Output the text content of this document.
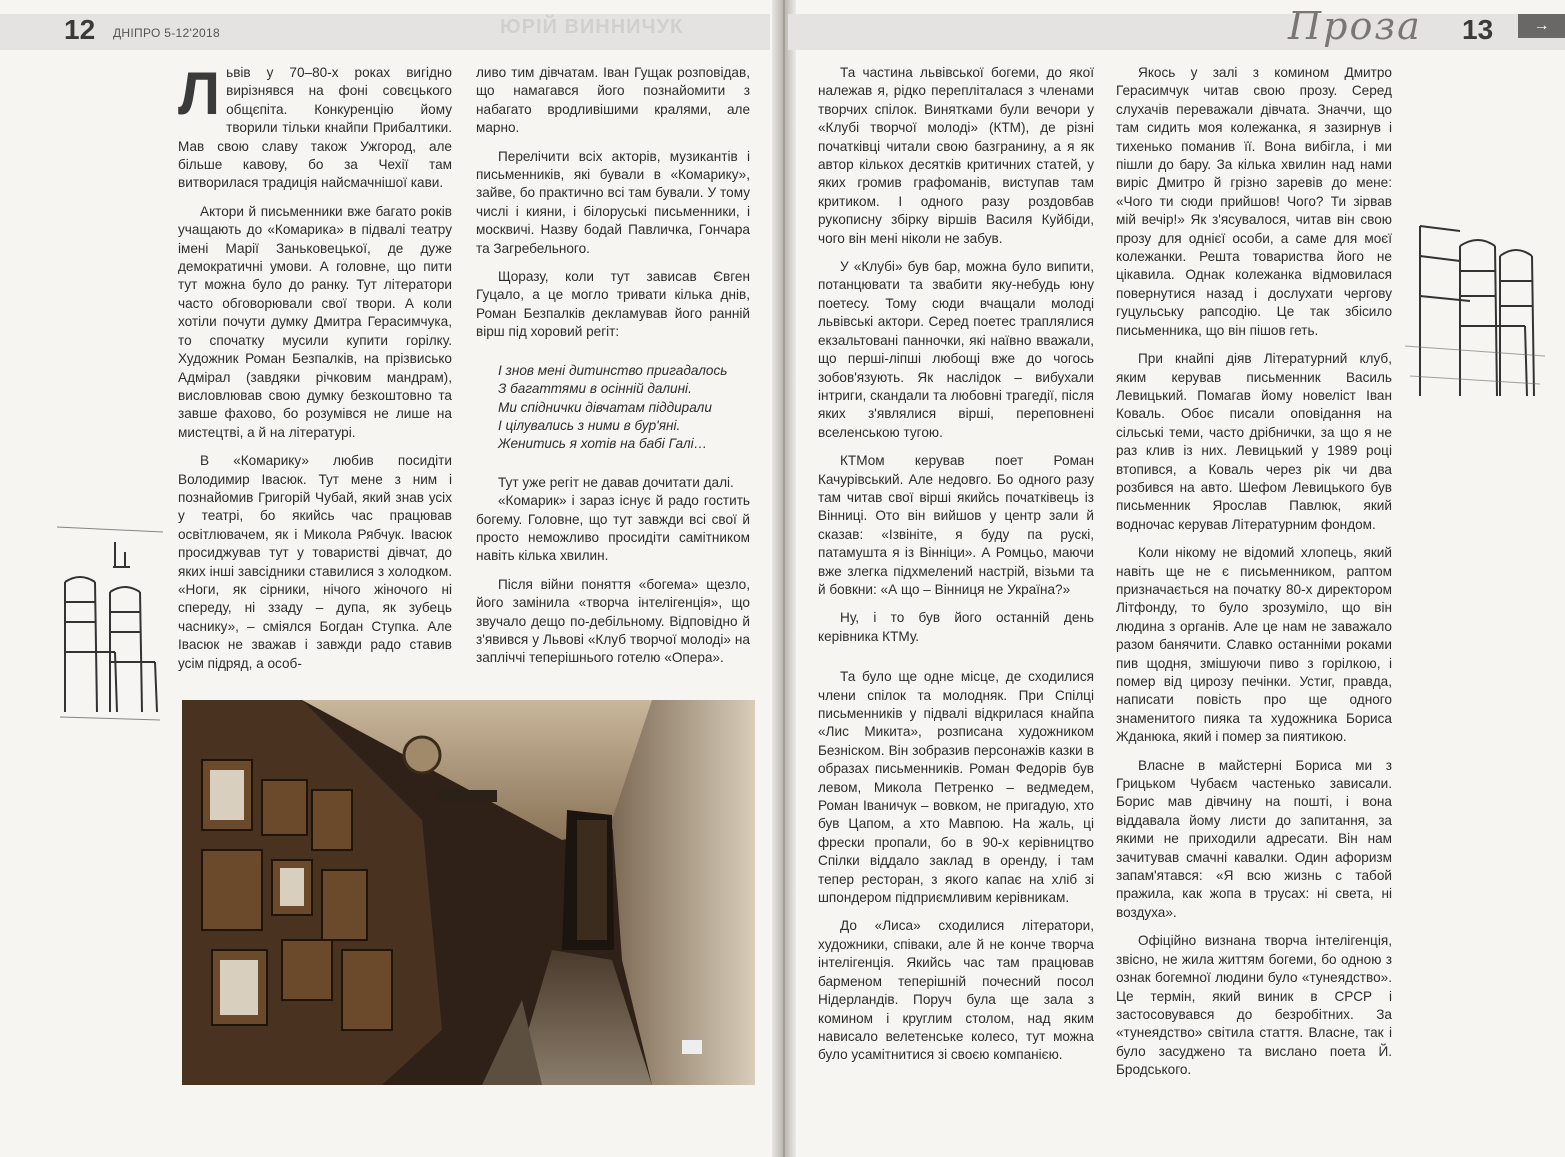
12 ДНІПРО 5-12'2018	ЮРІЙ ВИННИЧУК	Проза 13	→

Львів у 70–80-х роках вигідно вирізнявся на фоні совєцького общєпіта. Конкуренцію йому творили тільки кнайпи Прибалтики. Мав свою славу також Ужгород, але більше кавову, бо за Чехії там витворилася традиція найсмачнішої кави.

Актори й письменники вже багато років учащають до «Комарика» в підвалі театру імені Марії Заньковецької, де дуже демократичні умови. А головне, що пити тут можна було до ранку. Тут літератори часто обговорювали свої твори. А коли хотіли почути думку Дмитра Герасимчука, то спочатку мусили купити горілку. Художник Роман Безпалків, на прізвисько Адмірал (завдяки річковим мандрам), висловлював свою думку безкоштовно та завше фахово, бо розумівся не лише на мистецтві, а й на літературі.

В «Комарику» любив посидіти Володимир Івасюк. Тут мене з ним і познайомив Григорій Чубай, який знав усіх у театрі, бо якийсь час працював освітлювачем, як і Микола Рябчук. Івасюк просиджував тут у товаристві дівчат, до яких інші завсідники ставилися з холодком. «Ноги, як сірники, нічого жіночого ні спереду, ні ззаду – дупа, як зубець часнику», – сміялся Богдан Ступка. Але Івасюк не зважав і завжди радо ставив усім підряд, а особ-

ливо тим дівчатам. Іван Гущак розповідав, що намагався його познайомити з набагато вродливішими кралями, але марно.

Перелічити всіх акторів, музикантів і письменників, які бували в «Комарику», зайве, бо практично всі там бували. У тому числі і кияни, і білоруські письменники, і москвичі. Назву бодай Павличка, Гончара та Загребельного.

Щоразу, коли тут зависав Євген Гуцало, а це могло тривати кілька днів, Роман Безпалків декламував його ранній вірш під хоровий регіт:

І знов мені дитинство пригадалось
З багаттями в осінній далині.
Ми спіднички дівчатам піддирали
І цілувались з ними в бур'яні.
Женитись я хотів на бабі Галі…

Тут уже регіт не давав дочитати далі.

«Комарик» і зараз існує й радо гостить богему. Головне, що тут завжди всі свої й просто неможливо просидіти самітником навіть кілька хвилин.

Після війни поняття «богема» щезло, його замінила «творча інтелігенція», що звучало дещо по-дебільному. Відповідно й з'явився у Львові «Клуб творчої молоді» на запліччі теперішнього готелю «Опера».

Та частина львівської богеми, до якої належав я, рідко перепліталася з членами творчих спілок. Винятками були вечори у «Клубі творчої молоді» (КТМ), де різні початківці читали свою базгранину, а я як автор кількох десятків критичних статей, у яких громив графоманів, виступав там критиком. І одного разу роздовбав рукописну збірку віршів Василя Куйбіди, чого він мені ніколи не забув.

У «Клубі» був бар, можна було випити, потанцювати та звабити яку-небудь юну поетесу. Тому сюди вчащали молоді львівські актори. Серед поетес траплялися екзальтовані панночки, які наївно вважали, що перші-ліпші любощі вже до чогось зобов'язують. Як наслідок – вибухали інтриги, скандали та любовні трагедії, після яких з'являлися вірші, переповнені вселенською тугою.

КТМом керував поет Роман Качурівський. Але недовго. Бо одного разу там читав свої вірші якийсь початківець із Вінниці. Ото він вийшов у центр зали й сказав: «Ізвініте, я буду па рускі, патамушта я із Вінніци». А Ромцьо, маючи вже злегка підхмелений настрій, візьми та й бовкни: «А що – Вінниця не Україна?»

Ну, і то був його останній день керівника КТМу.

Та було ще одне місце, де сходилися члени спілок та молодняк. При Спілці письменників у підвалі відкрилася кнайпа «Лис Микита», розписана художником Безніском. Він зобразив персонажів казки в образах письменників. Роман Федорів був левом, Микола Петренко – ведмедем, Роман Іваничук – вовком, не пригадую, хто був Цапом, а хто Мавпою. На жаль, ці фрески пропали, бо в 90-х керівництво Спілки віддало заклад в оренду, і там тепер ресторан, з якого капає на хліб зі шпондером підприємливим керівникам.

До «Лиса» сходилися літератори, художники, співаки, але й не конче творча інтелігенція. Якийсь час там працював барменом теперішній почесний посол Нідерландів. Поруч була ще зала з комином і круглим столом, над яким нависало велетенське колесо, тут можна було усамітнитися зі своєю компанією.

Якось у залі з комином Дмитро Герасимчук читав свою прозу. Серед слухачів переважали дівчата. Значчи, що там сидить моя колежанка, я зазирнув і тихенько поманив її. Вона вибігла, і ми пішли до бару. За кілька хвилин над нами виріс Дмитро й грізно заревів до мене: «Чого ти сюди прийшов! Чого? Ти зірвав мій вечір!» Як з'ясувалося, читав він свою прозу для однієї особи, а саме для моєї колежанки. Решта товариства його не цікавила. Однак колежанка відмовилася повернутися назад і дослухати чергову гуцульську рапсодію. Це так збісило письменника, що він пішов геть.

При кнайпі діяв Літературний клуб, яким керував письменник Василь Левицький. Помагав йому новеліст Іван Коваль. Обоє писали оповідання на сільські теми, часто дрібнички, за що я не раз клив із них. Левицький у 1989 році втопився, а Коваль через рік чи два розбився на авто. Шефом Левицького був письменник Ярослав Павлюк, який водночас керував Літературним фондом.

Коли нікому не відомий хлопець, який навіть ще не є письменником, раптом призначається на початку 80-х директором Літфонду, то було зрозуміло, що він людина з органів. Але це нам не заважало разом банячити. Славко останніми роками пив щодня, змішуючи пиво з горілкою, і помер від цирозу печінки. Устиг, правда, написати повість про ще одного знаменитого пияка та художника Бориса Жданюка, який і помер за пиятикою.

Власне в майстерні Бориса ми з Грицьком Чубаєм частенько зависали. Борис мав дівчину на пошті, і вона віддавала йому листи до запитання, за якими не приходили адресати. Він нам зачитував смачні кавалки. Один афоризм запам'ятався: «Я всю жизнь с табой пражила, как жопа в трусах: ні света, ні воздуха».

Офіційно визнана творча інтелігенція, звісно, не жила життям богеми, бо одною з ознак богемної людини було «тунеядство». Це термін, який виник в СРСР і застосовувався до безробітних. За «тунеядство» світила стаття. Власне, так і було засуджено та вислано поета Й. Бродського.
